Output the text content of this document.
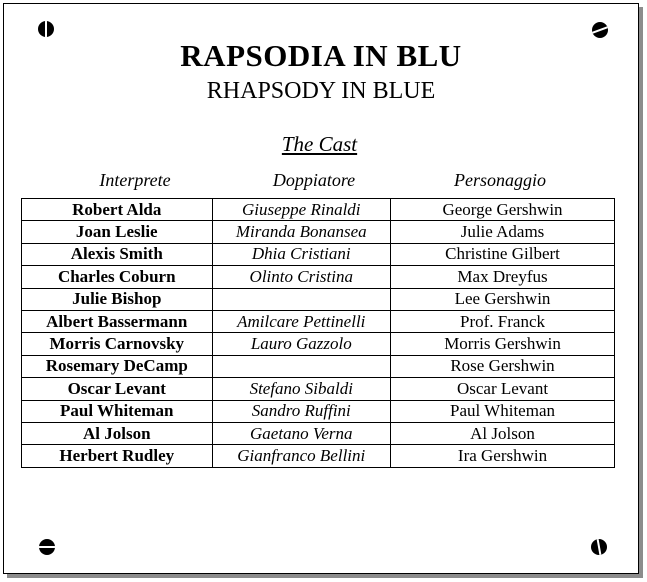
RAPSODIA IN BLU
RHAPSODY IN BLUE
The Cast
Interprete	Doppiatore	Personaggio
Robert Alda	Giuseppe Rinaldi	George Gershwin
Joan Leslie	Miranda Bonansea	Julie Adams
Alexis Smith	Dhia Cristiani	Christine Gilbert
Charles Coburn	Olinto Cristina	Max Dreyfus
Julie Bishop		Lee Gershwin
Albert Bassermann	Amilcare Pettinelli	Prof. Franck
Morris Carnovsky	Lauro Gazzolo	Morris Gershwin
Rosemary DeCamp		Rose Gershwin
Oscar Levant	Stefano Sibaldi	Oscar Levant
Paul Whiteman	Sandro Ruffini	Paul Whiteman
Al Jolson	Gaetano Verna	Al Jolson
Herbert Rudley	Gianfranco Bellini	Ira Gershwin
